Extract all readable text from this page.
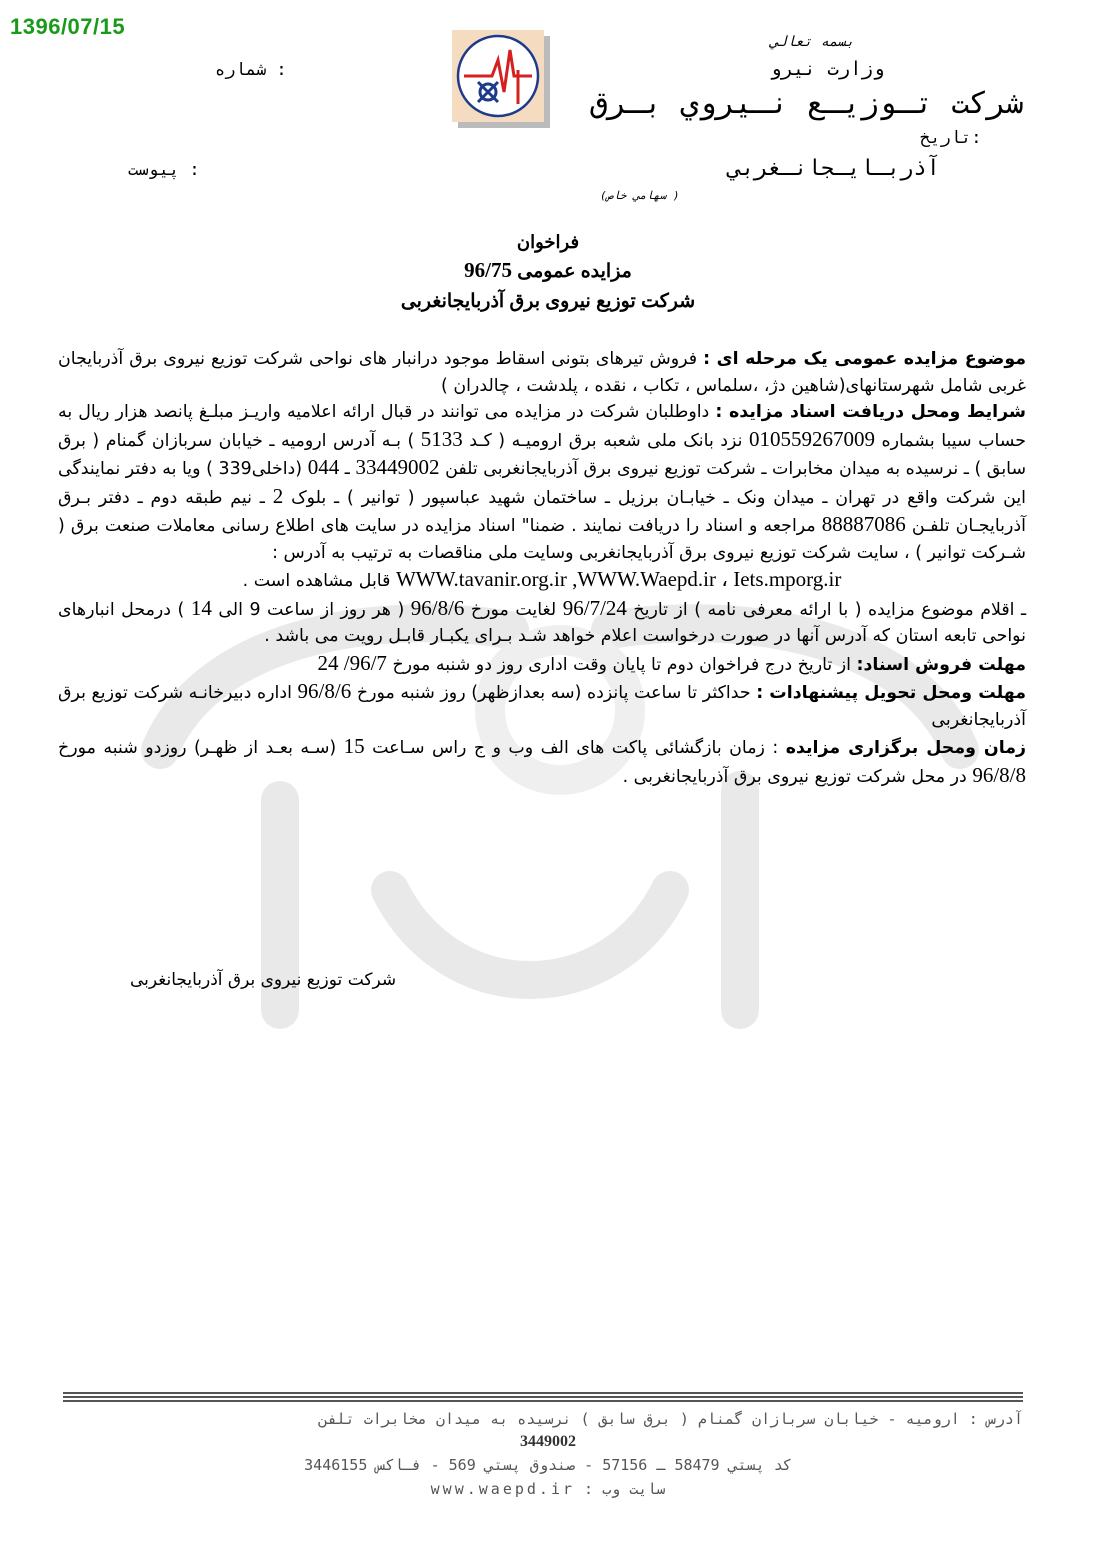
1396/07/15
بسمه تعالي
وزارت نيرو
شركت تـوزيـع نـيروي بـرق
آذربـايـجانـغربي
(سهامي خاص )
شماره :
تاريخ:
پيوست :
فراخوان
مزایده عمومی 96/75
شرکت توزیع نیروی برق آذربایجانغربی

موضوع مزایده عمومی یک مرحله ای : فروش تیرهای بتونی اسقاط موجود درانبار های نواحی شرکت توزیع نیروی برق آذربایجان غربی شامل شهرستانهای(شاهین دژ، ،سلماس ، تکاب ، نقده ، پلدشت ، چالدران )

شرایط ومحل دریافت اسناد مزایده : داوطلبان شرکت در مزایده می توانند در قبال ارائه اعلامیه واریـز مبلـغ پانصد هزار ریال به حساب سیبا بشماره 010559267009 نزد بانک ملی شعبه برق ارومیـه ( کـد 5133 ) بـه آدرس ارومیه ـ خیابان سربازان گمنام ( برق سابق ) ـ نرسیده به میدان مخابرات ـ شرکت توزیع نیروی برق آذربایجانغربی تلفن 33449002 ـ 044 (داخلی339 ) ویا به دفتر نمایندگی این شرکت واقع در تهران ـ میدان ونک ـ خیابـان برزیل ـ ساختمان شهید عباسپور ( توانیر ) ـ بلوک 2 ـ نیم طبقه دوم ـ دفتر بـرق آذربایجـان تلفـن 88887086 مراجعه و اسناد را دریافت نمایند . ضمنا" اسناد مزایده در سایت های اطلاع رسانی معاملات صنعت برق ( شـرکت توانیر ) ، سایت شرکت توزیع نیروی برق آذربایجانغربی وسایت ملی مناقصات به ترتیب به آدرس :

WWW.tavanir.org.ir ,WWW.Waepd.ir ، Iets.mporg.ir قابل مشاهده است .

ـ اقلام موضوع مزایده ( با ارائه معرفی نامه ) از تاریخ 96/7/24 لغایت مورخ 96/8/6 ( هر روز از ساعت 9 الی 14 ) درمحل انبارهای نواحی تابعه استان که آدرس آنها در صورت درخواست اعلام خواهد شـد بـرای یکبـار قابـل رویت می باشد .

مهلت فروش اسناد: از تاریخ درج فراخوان دوم تا پایان وقت اداری روز دو شنبه مورخ 96/7/ 24

مهلت ومحل تحویل پیشنهادات : حداکثر تا ساعت پانزده (سه بعدازظهر) روز شنبه مورخ 96/8/6 اداره دبیرخانـه شرکت توزیع برق آذربایجانغربی

زمان ومحل برگزاری مزایده : زمان بازگشائی پاکت های الف وب و ج راس سـاعت 15 (سـه بعـد از ظهـر) روزدو شنبه مورخ 96/8/8 در محل شرکت توزیع نیروی برق آذربایجانغربی .

شرکت توزیع نیروی برق آذربایجانغربی
آدرس : اروميه - خيابان سربازان گمنام ( برق سابق ) نرسيده به ميدان مخابرات تلفن
3449002
كد پستي 58479 ـ 57156 - صندوق پستي 569 - فـاكس 3446155
سايت وب : www.waepd.ir
